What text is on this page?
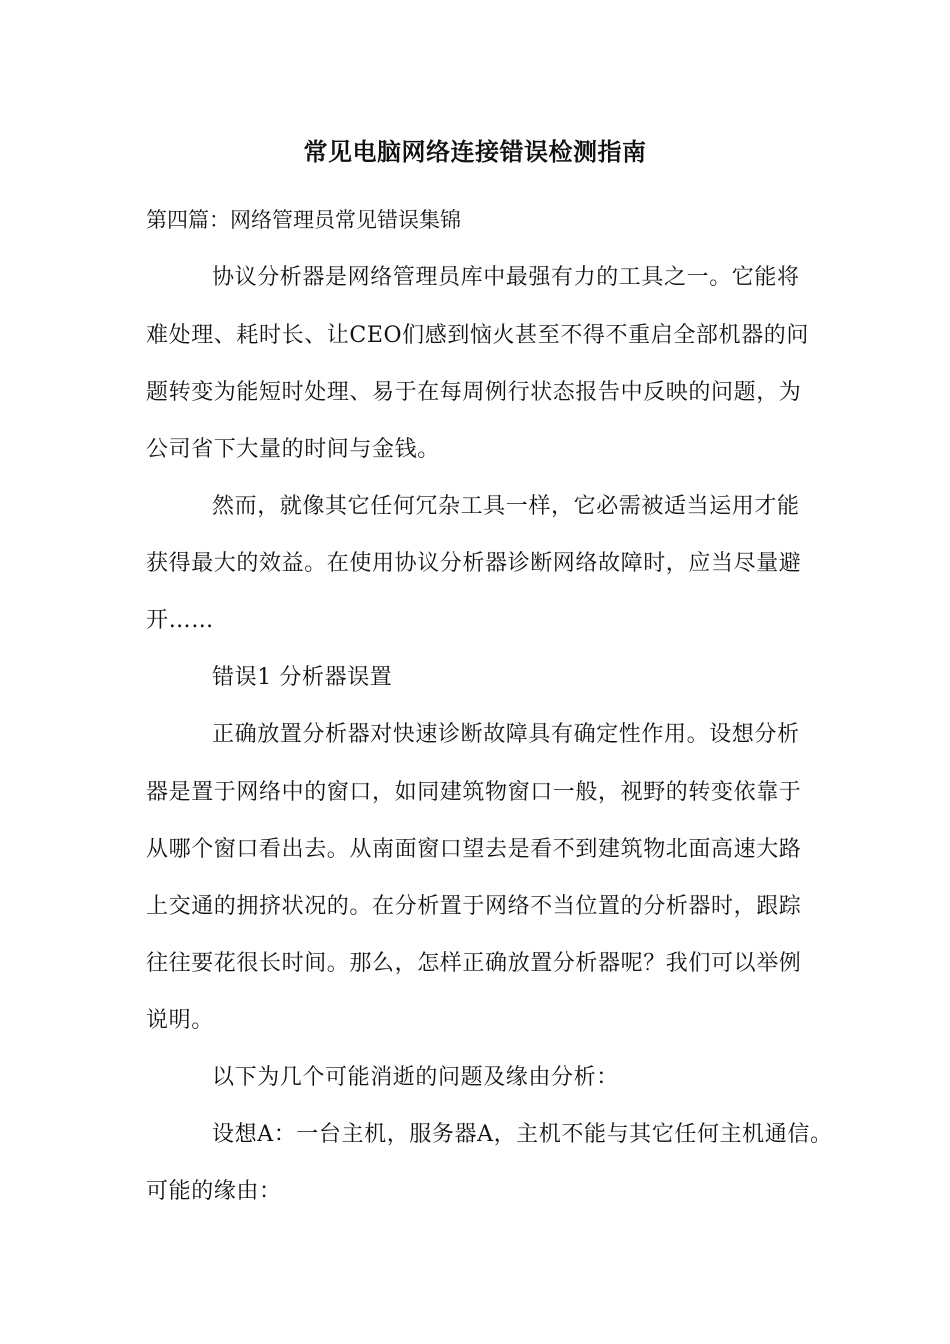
常见电脑网络连接错误检测指南
第四篇：网络管理员常见错误集锦
协议分析器是网络管理员库中最强有力的工具之一。它能将
难处理、耗时长、让CEO们感到恼火甚至不得不重启全部机器的问
题转变为能短时处理、易于在每周例行状态报告中反映的问题，为
公司省下大量的时间与金钱。
然而，就像其它任何冗杂工具一样，它必需被适当运用才能
获得最大的效益。在使用协议分析器诊断网络故障时，应当尽量避
开……
错误1 分析器误置
正确放置分析器对快速诊断故障具有确定性作用。设想分析
器是置于网络中的窗口，如同建筑物窗口一般，视野的转变依靠于
从哪个窗口看出去。从南面窗口望去是看不到建筑物北面高速大路
上交通的拥挤状况的。在分析置于网络不当位置的分析器时，跟踪
往往要花很长时间。那么，怎样正确放置分析器呢？我们可以举例
说明。
以下为几个可能消逝的问题及缘由分析：
设想A：一台主机，服务器A，主机不能与其它任何主机通信。
可能的缘由：
